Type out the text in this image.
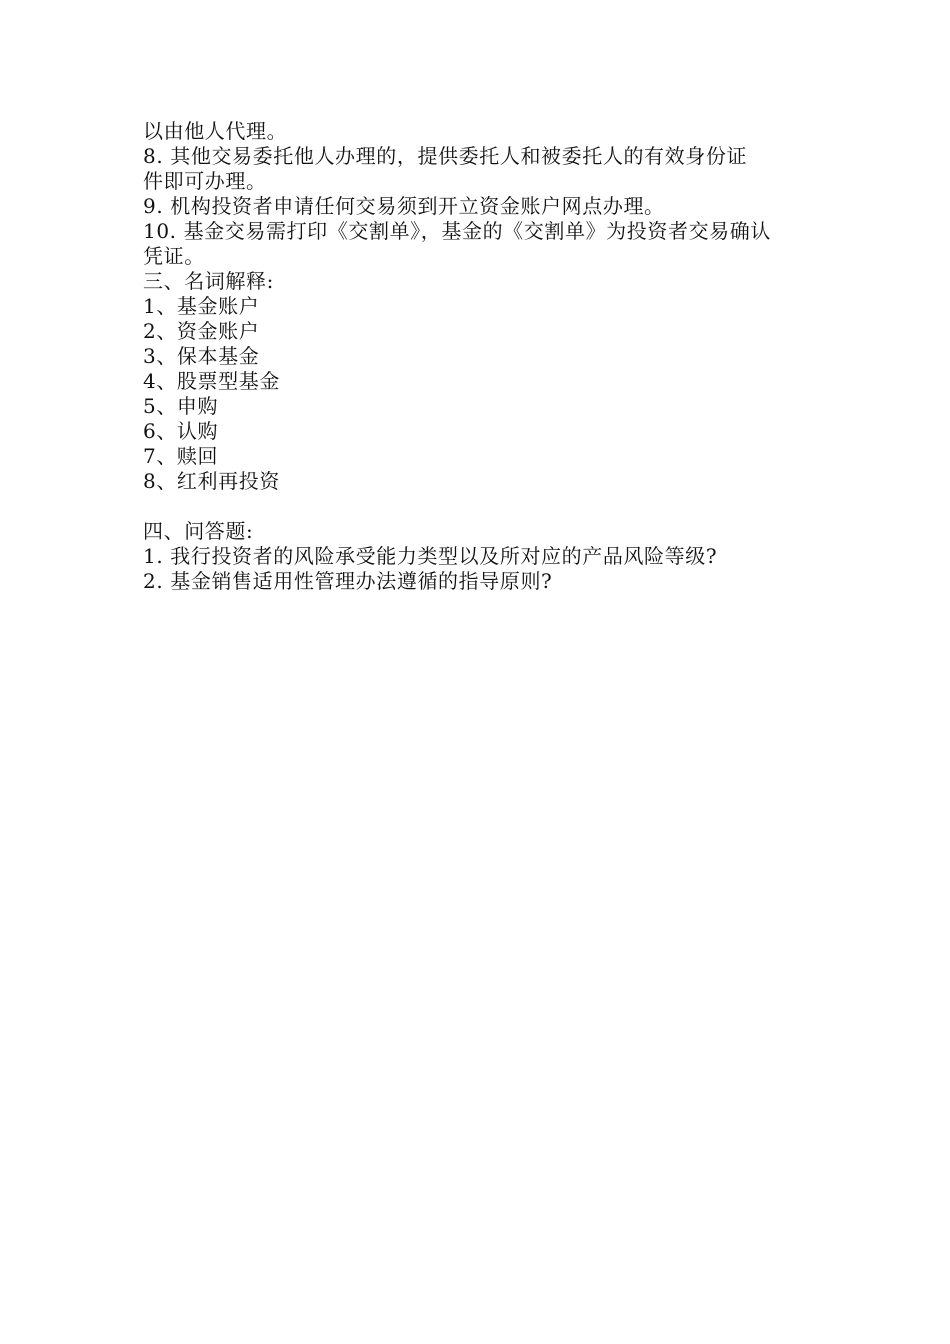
以由他人代理。
8. 其他交易委托他人办理的，提供委托人和被委托人的有效身份证
件即可办理。
9. 机构投资者申请任何交易须到开立资金账户网点办理。
10. 基金交易需打印《交割单》，基金的《交割单》为投资者交易确认
凭证。
三、名词解释:
1、基金账户
2、资金账户
3、保本基金
4、股票型基金
5、申购
6、认购
7、赎回
8、红利再投资
四、问答题:
1. 我行投资者的风险承受能力类型以及所对应的产品风险等级?
2. 基金销售适用性管理办法遵循的指导原则?
